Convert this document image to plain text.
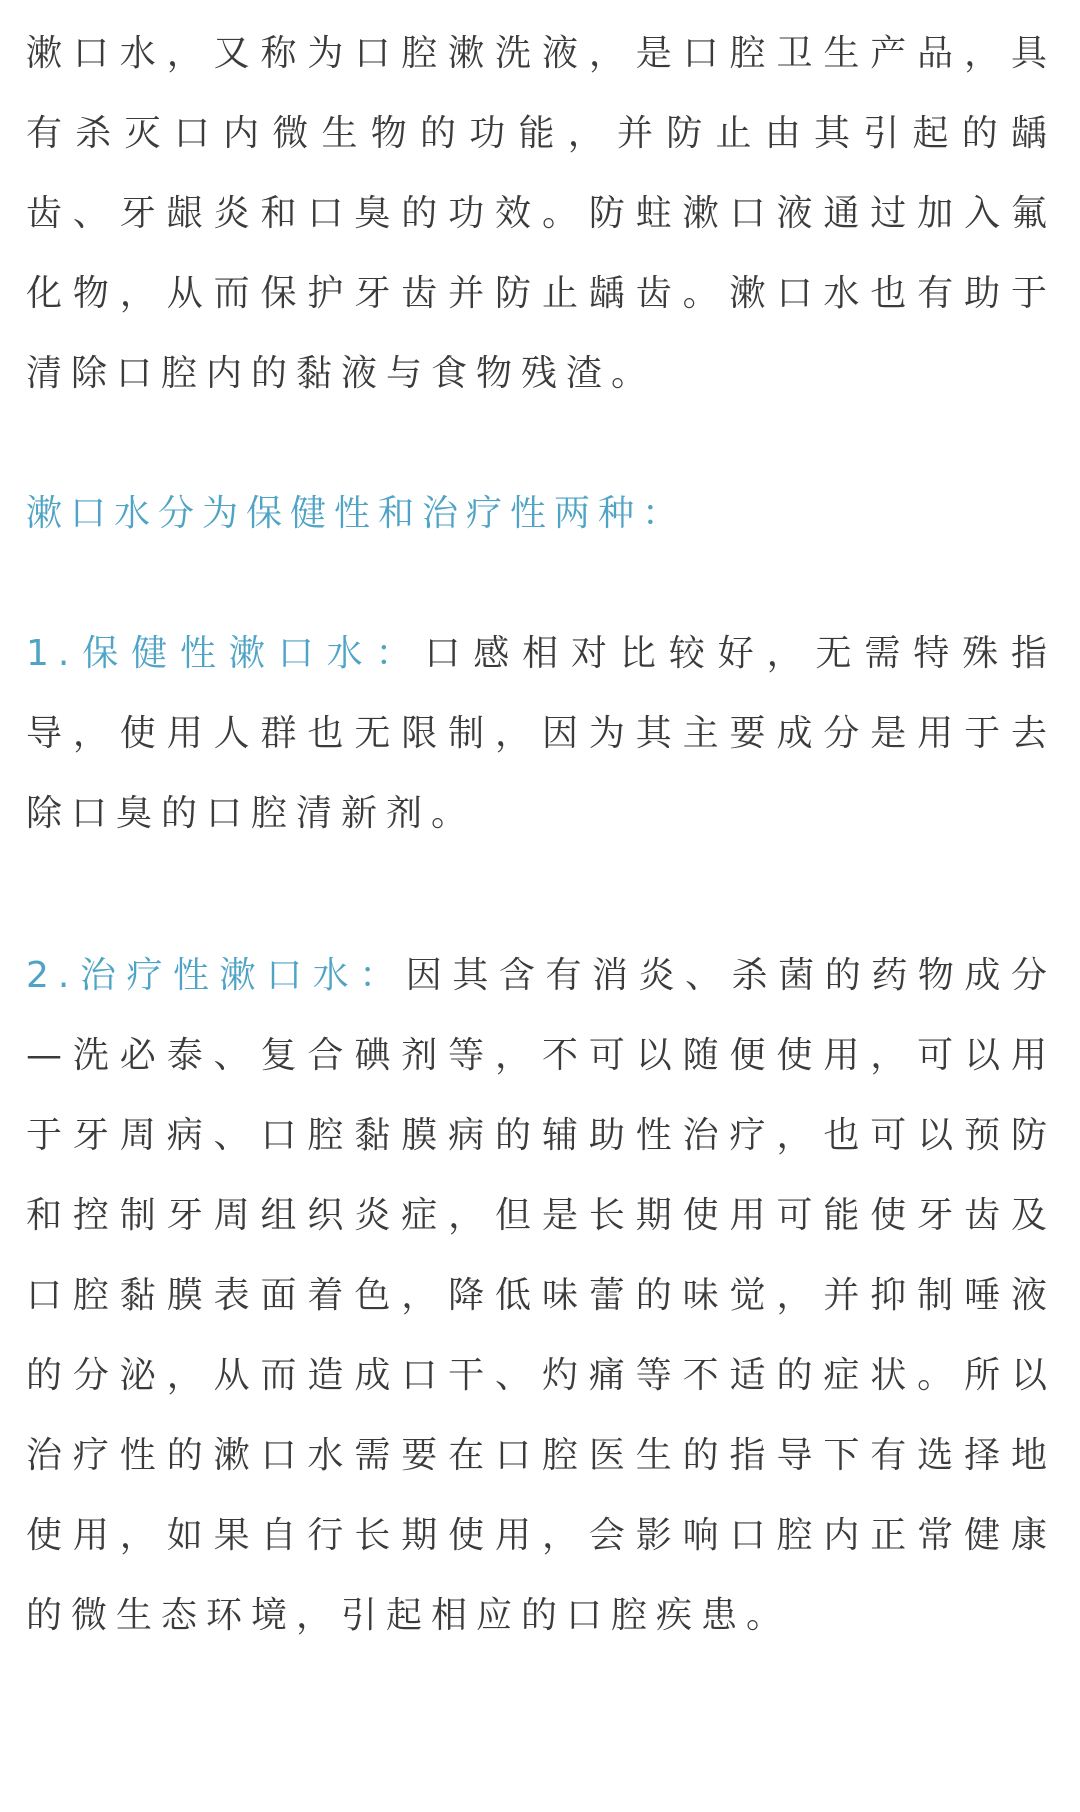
漱口水，又称为口腔漱洗液，是口腔卫生产品，具有杀灭口内微生物的功能，并防止由其引起的龋齿、牙龈炎和口臭的功效。防蛀漱口液通过加入氟化物，从而保护牙齿并防止龋齿。漱口水也有助于清除口腔内的黏液与食物残渣。

漱口水分为保健性和治疗性两种：

1.保健性漱口水：口感相对比较好，无需特殊指导，使用人群也无限制，因为其主要成分是用于去除口臭的口腔清新剂。

2.治疗性漱口水：因其含有消炎、杀菌的药物成分—洗必泰、复合碘剂等，不可以随便使用，可以用于牙周病、口腔黏膜病的辅助性治疗，也可以预防和控制牙周组织炎症，但是长期使用可能使牙齿及口腔黏膜表面着色，降低味蕾的味觉，并抑制唾液的分泌，从而造成口干、灼痛等不适的症状。所以治疗性的漱口水需要在口腔医生的指导下有选择地使用，如果自行长期使用，会影响口腔内正常健康的微生态环境，引起相应的口腔疾患。
